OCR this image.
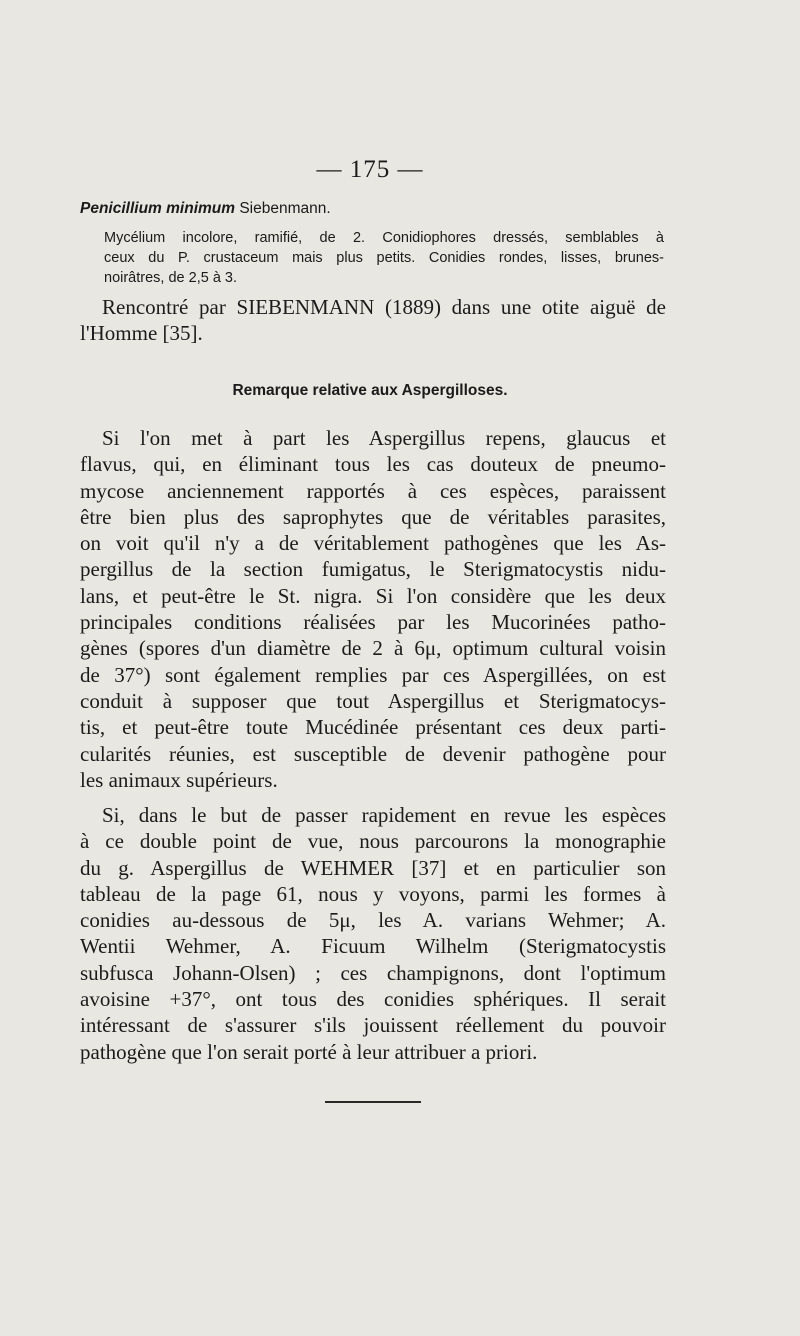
— 175 —
Penicillium minimum Siebenmann.
Mycélium incolore, ramifié, de 2. Conidiophores dressés, semblables à
ceux du P. crustaceum mais plus petits. Conidies rondes, lisses, brunes-
noirâtres, de 2,5 à 3.
Rencontré par SIEBENMANN (1889) dans une otite aiguë de
l'Homme [35].
Remarque relative aux Aspergilloses.
Si l'on met à part les Aspergillus repens, glaucus et
flavus, qui, en éliminant tous les cas douteux de pneumo-
mycose anciennement rapportés à ces espèces, paraissent
être bien plus des saprophytes que de véritables parasites,
on voit qu'il n'y a de véritablement pathogènes que les As-
pergillus de la section fumigatus, le Sterigmatocystis nidu-
lans, et peut-être le St. nigra. Si l'on considère que les deux
principales conditions réalisées par les Mucorinées patho-
gènes (spores d'un diamètre de 2 à 6μ, optimum cultural voisin
de 37°) sont également remplies par ces Aspergillées, on est
conduit à supposer que tout Aspergillus et Sterigmatocys-
tis, et peut-être toute Mucédinée présentant ces deux parti-
cularités réunies, est susceptible de devenir pathogène pour
les animaux supérieurs.
Si, dans le but de passer rapidement en revue les espèces
à ce double point de vue, nous parcourons la monographie
du g. Aspergillus de WEHMER [37] et en particulier son
tableau de la page 61, nous y voyons, parmi les formes à
conidies au-dessous de 5μ, les A. varians Wehmer; A.
Wentii Wehmer, A. Ficuum Wilhelm (Sterigmatocystis
subfusca Johann-Olsen) ; ces champignons, dont l'optimum
avoisine +37°, ont tous des conidies sphériques. Il serait
intéressant de s'assurer s'ils jouissent réellement du pouvoir
pathogène que l'on serait porté à leur attribuer a priori.
